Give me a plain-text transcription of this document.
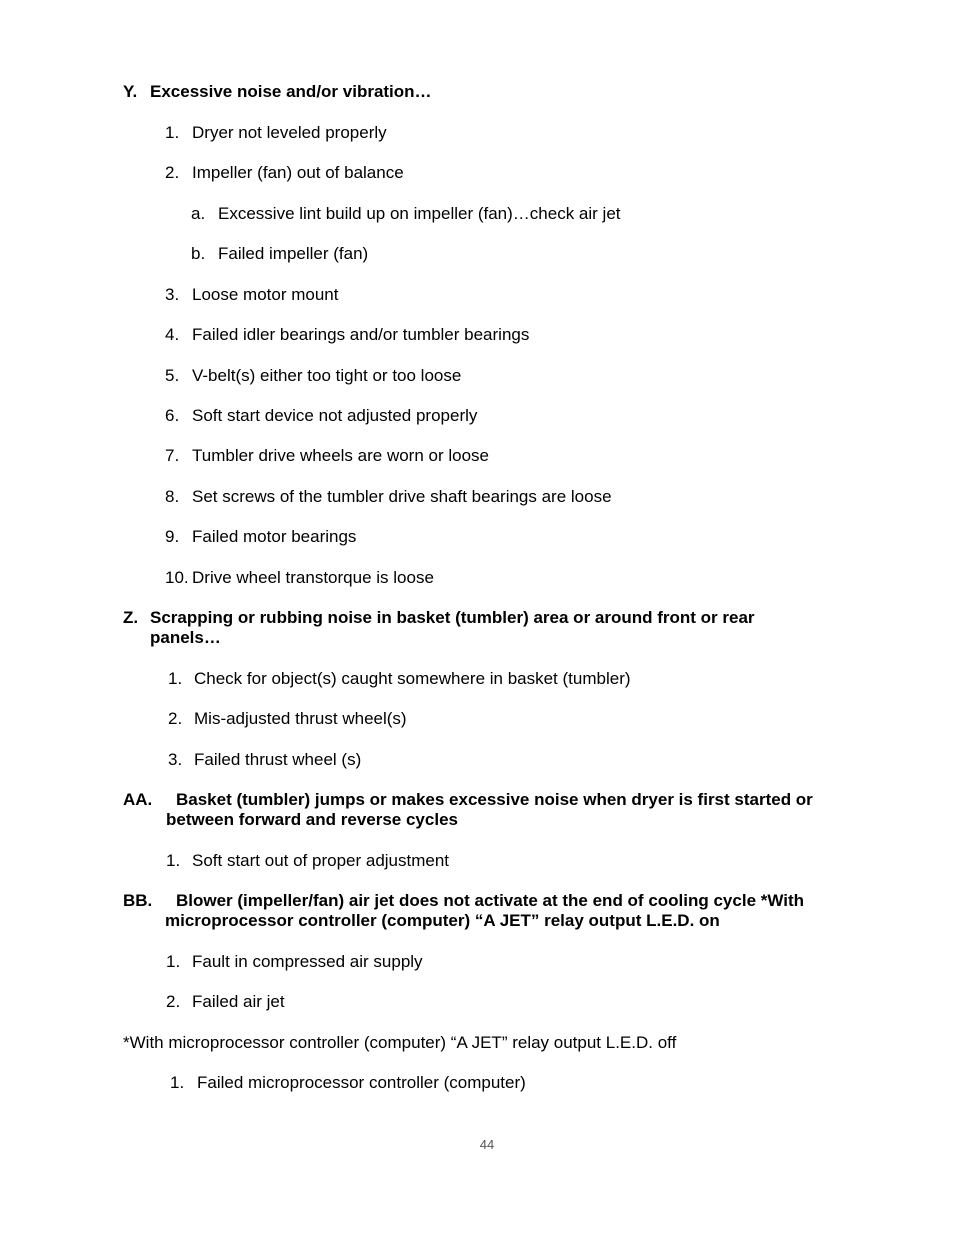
Y. Excessive noise and/or vibration…
1. Dryer not leveled properly
2. Impeller (fan) out of balance
a. Excessive lint build up on impeller (fan)…check air jet
b. Failed impeller (fan)
3. Loose motor mount
4. Failed idler bearings and/or tumbler bearings
5. V-belt(s) either too tight or too loose
6. Soft start device not adjusted properly
7. Tumbler drive wheels are worn or loose
8. Set screws of the tumbler drive shaft bearings are loose
9. Failed motor bearings
10. Drive wheel transtorque is loose
Z. Scrapping or rubbing noise in basket (tumbler) area or around front or rear
panels…
1. Check for object(s) caught somewhere in basket (tumbler)
2. Mis-adjusted thrust wheel(s)
3. Failed thrust wheel (s)
AA. Basket (tumbler) jumps or makes excessive noise when dryer is first started or
between forward and reverse cycles
1. Soft start out of proper adjustment
BB. Blower (impeller/fan) air jet does not activate at the end of cooling cycle *With
microprocessor controller (computer) “A JET” relay output L.E.D. on
1. Fault in compressed air supply
2. Failed air jet
*With microprocessor controller (computer) “A JET” relay output L.E.D. off
1. Failed microprocessor controller (computer)
44
